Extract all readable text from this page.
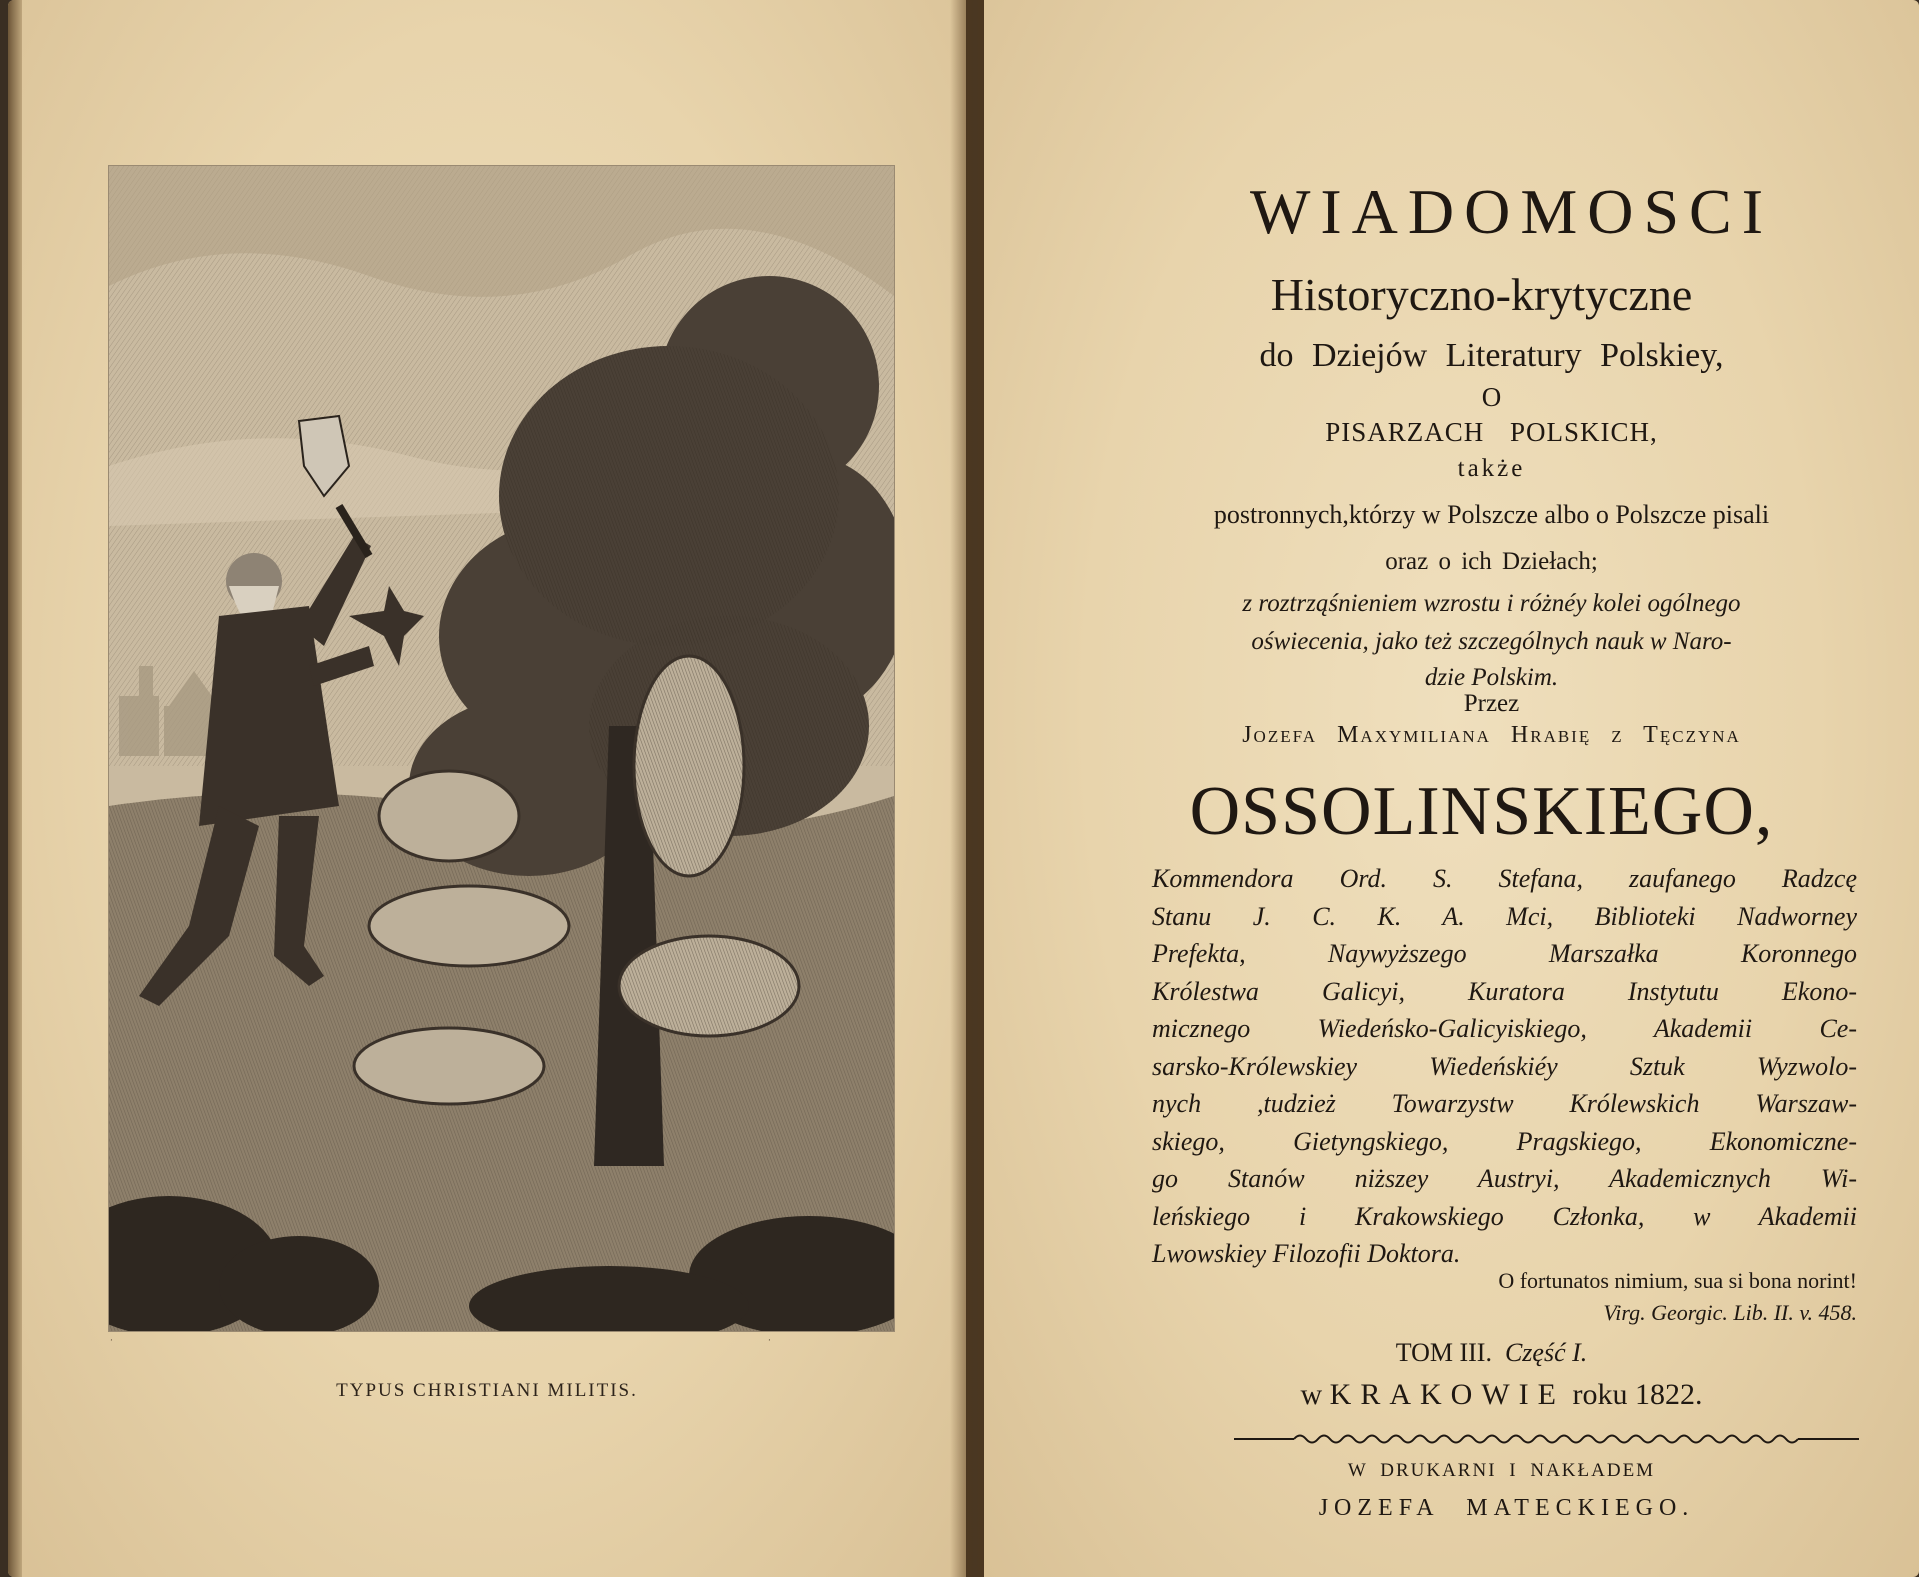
·	·
TYPUS CHRISTIANI MILITIS.
WIADOMOSCI
Historyczno-krytyczne
do Dziejów Literatury Polskiey,
O
PISARZACH POLSKICH,
także
postronnych,którzy w Polszcze albo o Polszcze pisali
oraz o ich Dziełach;
z roztrząśnieniem wzrostu i różnéy kolei ogólnego
oświecenia, jako też szczególnych nauk w Naro-
dzie Polskim.
Przez
Jozefa Maxymiliana Hrabię z Tęczyna
OSSOLINSKIEGO,
Kommendora Ord. S. Stefana, zaufanego Radzcę
Stanu J. C. K. A. Mci, Biblioteki Nadworney
Prefekta, Naywyższego Marszałka Koronnego
Królestwa Galicyi, Kuratora Instytutu Ekono-
micznego Wiedeńsko-Galicyiskiego, Akademii Ce-
sarsko-Królewskiey Wiedeńskiéy Sztuk Wyzwolo-
nych ,tudzież Towarzystw Królewskich Warszaw-
skiego, Gietyngskiego, Pragskiego, Ekonomiczne-
go Stanów niższey Austryi, Akademicznych Wi-
leńskiego i Krakowskiego Członka, w Akademii
Lwowskiey Filozofii Doktora.
O fortunatos nimium, sua si bona norint!
Virg. Georgic. Lib. II. v. 458.
TOM III. Część I.
w KRAKOWIE roku 1822.
W DRUKARNI I NAKŁADEM
JOZEFA MATECKIEGO.
